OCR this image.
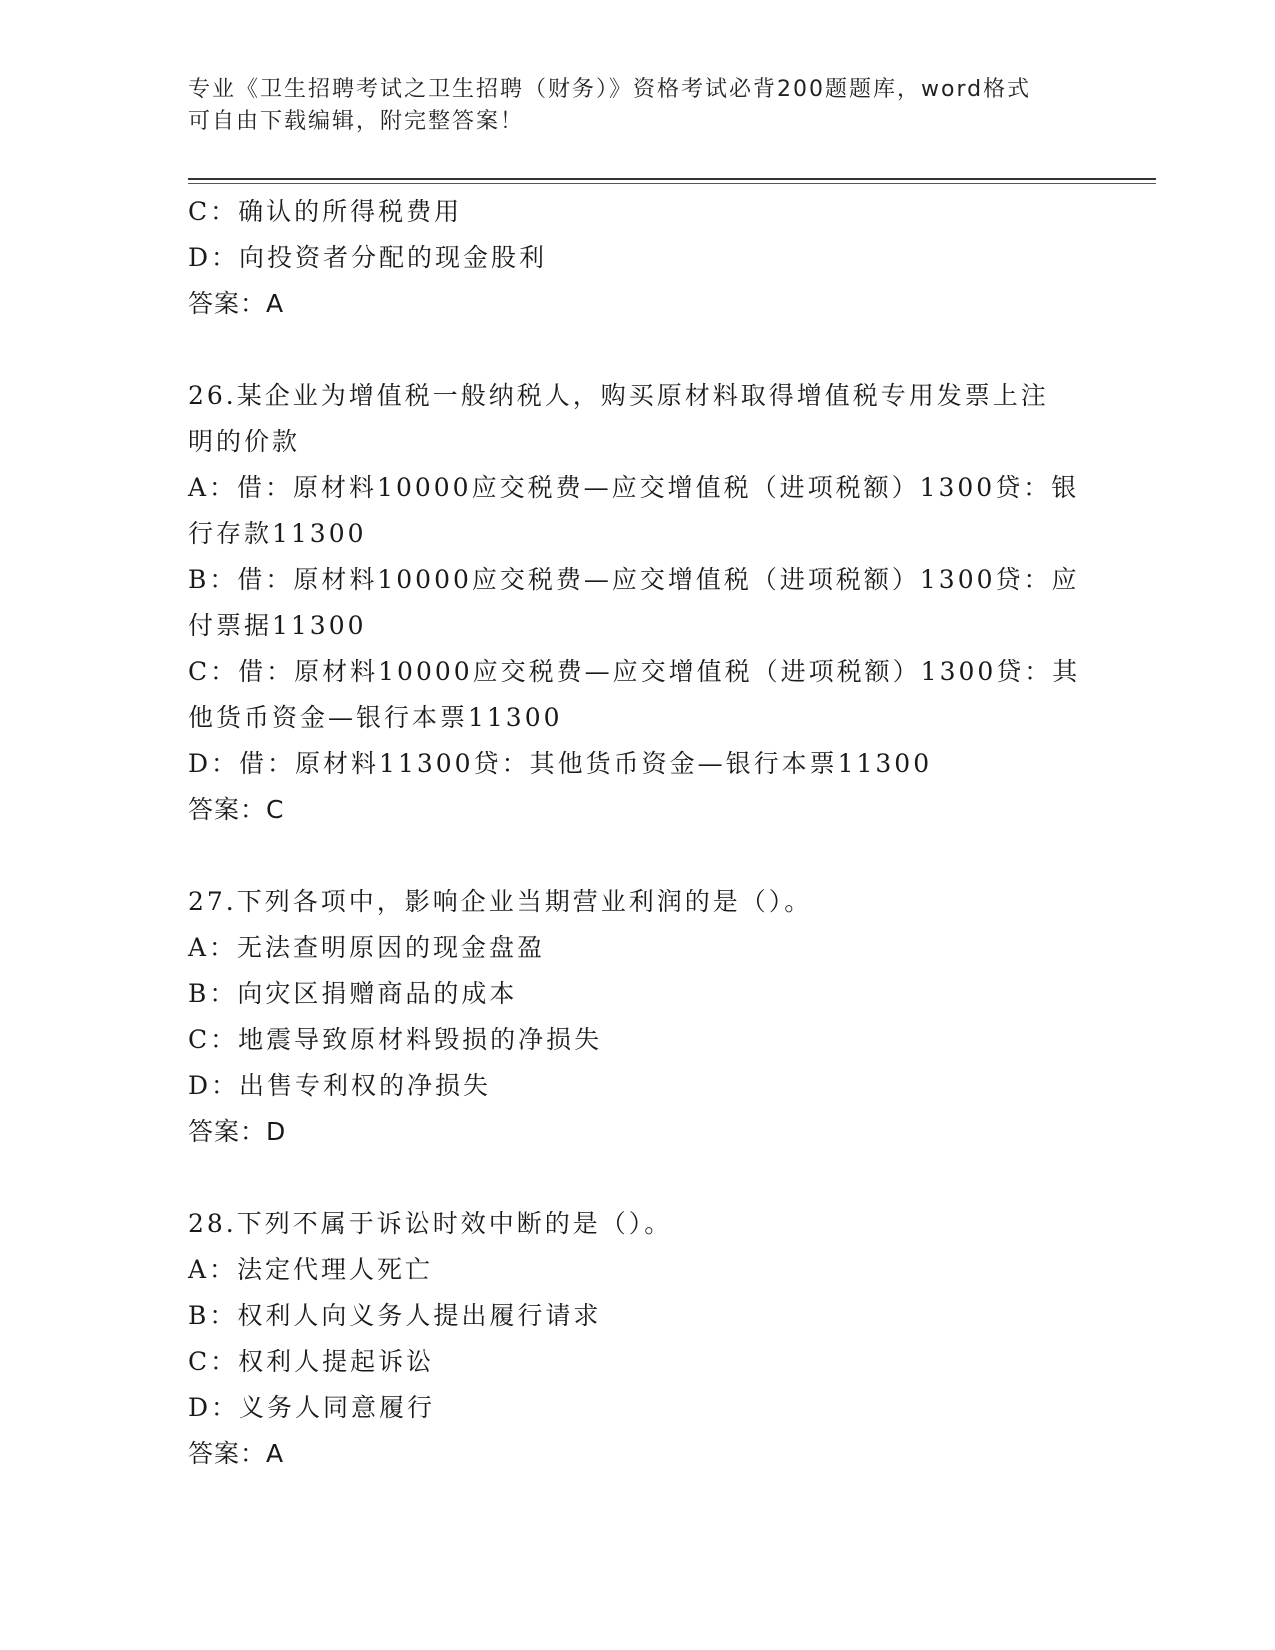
专业《卫生招聘考试之卫生招聘（财务）》资格考试必背200题题库，word格式
可自由下载编辑，附完整答案！
C：确认的所得税费用
D：向投资者分配的现金股利
答案：A
26.某企业为增值税一般纳税人，购买原材料取得增值税专用发票上注
明的价款
A：借：原材料10000应交税费—应交增值税（进项税额）1300贷：银
行存款11300
B：借：原材料10000应交税费—应交增值税（进项税额）1300贷：应
付票据11300
C：借：原材料10000应交税费—应交增值税（进项税额）1300贷：其
他货币资金—银行本票11300
D：借：原材料11300贷：其他货币资金—银行本票11300
答案：C
27.下列各项中，影响企业当期营业利润的是（）。
A：无法查明原因的现金盘盈
B：向灾区捐赠商品的成本
C：地震导致原材料毁损的净损失
D：出售专利权的净损失
答案：D
28.下列不属于诉讼时效中断的是（）。
A：法定代理人死亡
B：权利人向义务人提出履行请求
C：权利人提起诉讼
D：义务人同意履行
答案：A
